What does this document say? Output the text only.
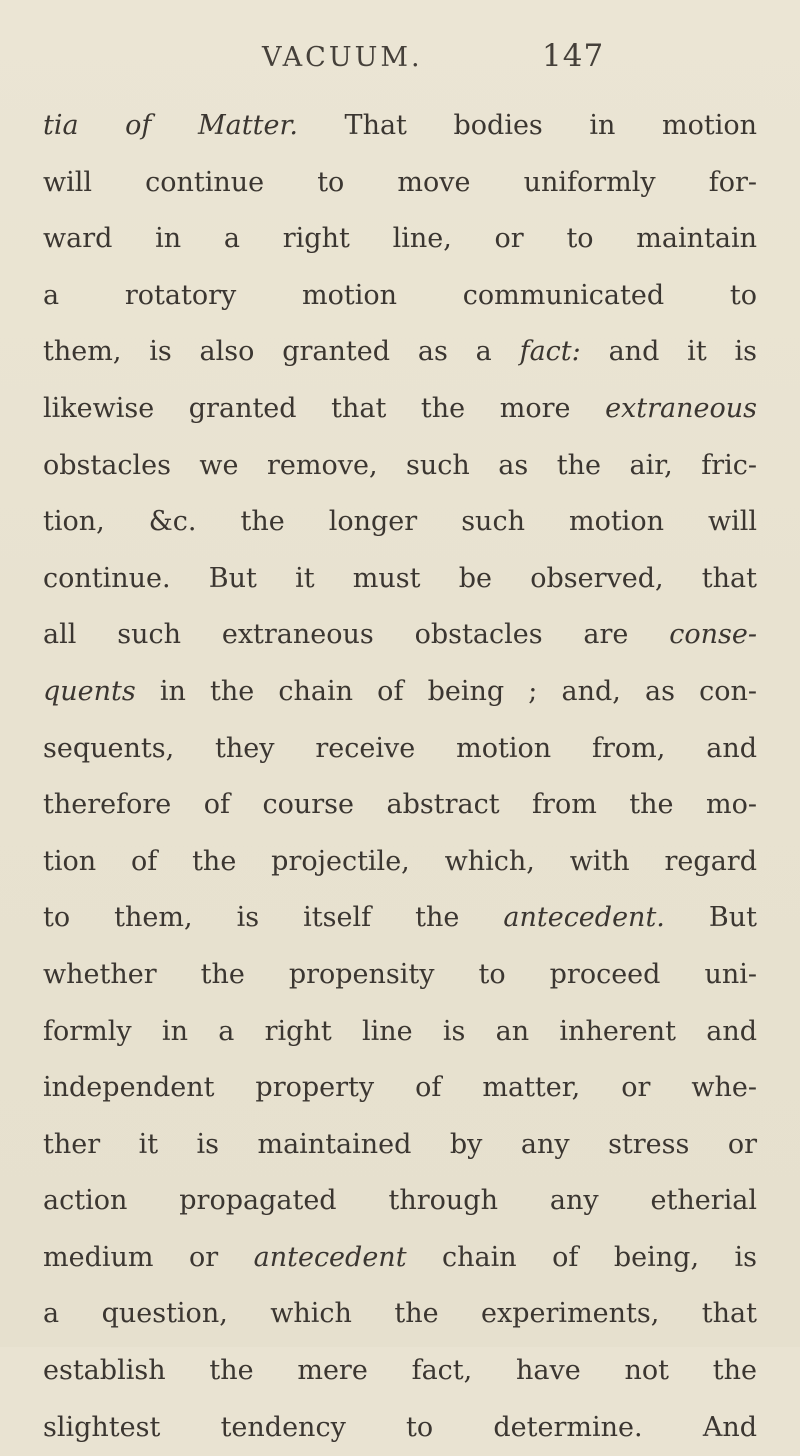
VACUUM.	147
tia of Matter. That bodies in motion
will continue to move uniformly for-
ward in a right line, or to maintain
a rotatory motion communicated to
them, is also granted as a fact: and it is
likewise granted that the more extraneous
obstacles we remove, such as the air, fric-
tion, &c. the longer such motion will
continue. But it must be observed, that
all such extraneous obstacles are conse-
quents in the chain of being ; and, as con-
sequents, they receive motion from, and
therefore of course abstract from the mo-
tion of the projectile, which, with regard
to them, is itself the antecedent. But
whether the propensity to proceed uni-
formly in a right line is an inherent and
independent property of matter, or whe-
ther it is maintained by any stress or
action propagated through any etherial
medium or antecedent chain of being, is
a question, which the experiments, that
establish the mere fact, have not the
slightest tendency to determine. And
